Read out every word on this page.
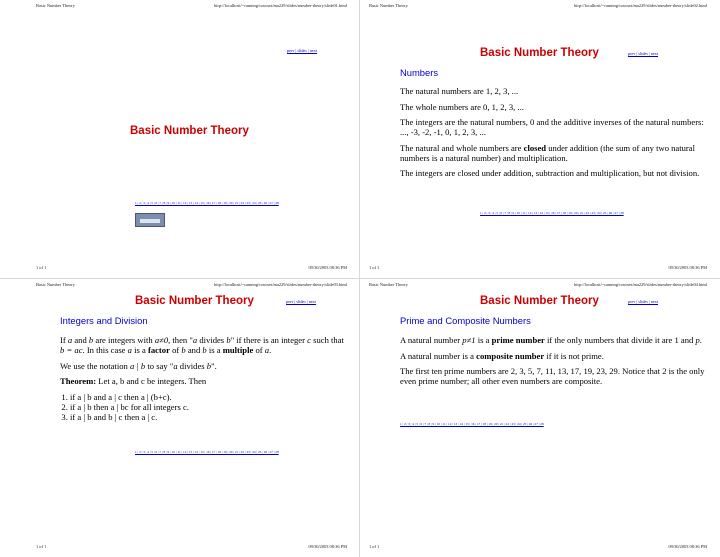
Basic Number Theory	http://localhost/~canning/courses/ma229/slides/number-theory/slide01.html
prev | slides | next
Basic Number Theory
1 | 2 | 3 | 4 | 5 | 6 | 7 | 8 | 9 | 10 | 11 | 12 | 13 | 14 | 15 | 16 | 17 | 18 | 19 | 20 | 21 | 22 | 23 | 24 | 25 | 26 | 27 | 28
1 of 1	09/30/2003 08:36 PM
Basic Number Theory	http://localhost/~canning/courses/ma229/slides/number-theory/slide02.html
Basic Number Theory	prev | slides | next
Numbers

The natural numbers are 1, 2, 3, ...

The whole numbers are 0, 1, 2, 3, ...

The integers are the natural numbers, 0 and the additive inverses of the natural numbers: ..., -3, -2, -1, 0, 1, 2, 3, ...

The natural and whole numbers are closed under addition (the sum of any two natural numbers is a natural number) and multiplication.

The integers are closed under addition, subtraction and multiplication, but not division.

1 | 2 | 3 | 4 | 5 | 6 | 7 | 8 | 9 | 10 | 11 | 12 | 13 | 14 | 15 | 16 | 17 | 18 | 19 | 20 | 21 | 22 | 23 | 24 | 25 | 26 | 27 | 28
1 of 1	09/30/2003 08:36 PM
Basic Number Theory	http://localhost/~canning/courses/ma229/slides/number-theory/slide03.html
Basic Number Theory	prev | slides | next
Integers and Division

If a and b are integers with a≠0, then "a divides b" if there is an integer c such that b = ac. In this case a is a factor of b and b is a multiple of a.

We use the notation a | b to say "a divides b".

Theorem: Let a, b and c be integers. Then

1. if a | b and a | c then a | (b+c).
2. if a | b then a | bc for all integers c.
3. if a | b and b | c then a | c.
1 | 2 | 3 | 4 | 5 | 6 | 7 | 8 | 9 | 10 | 11 | 12 | 13 | 14 | 15 | 16 | 17 | 18 | 19 | 20 | 21 | 22 | 23 | 24 | 25 | 26 | 27 | 28
1 of 1	09/30/2003 08:36 PM
Basic Number Theory	http://localhost/~canning/courses/ma229/slides/number-theory/slide04.html
Basic Number Theory	prev | slides | next
Prime and Composite Numbers

A natural number p≠1 is a prime number if the only numbers that divide it are 1 and p.

A natural number is a composite number if it is not prime.

The first ten prime numbers are 2, 3, 5, 7, 11, 13, 17, 19, 23, 29. Notice that 2 is the only even prime number; all other even numbers are composite.

1 | 2 | 3 | 4 | 5 | 6 | 7 | 8 | 9 | 10 | 11 | 12 | 13 | 14 | 15 | 16 | 17 | 18 | 19 | 20 | 21 | 22 | 23 | 24 | 25 | 26 | 27 | 28
1 of 1	09/30/2003 08:36 PM
